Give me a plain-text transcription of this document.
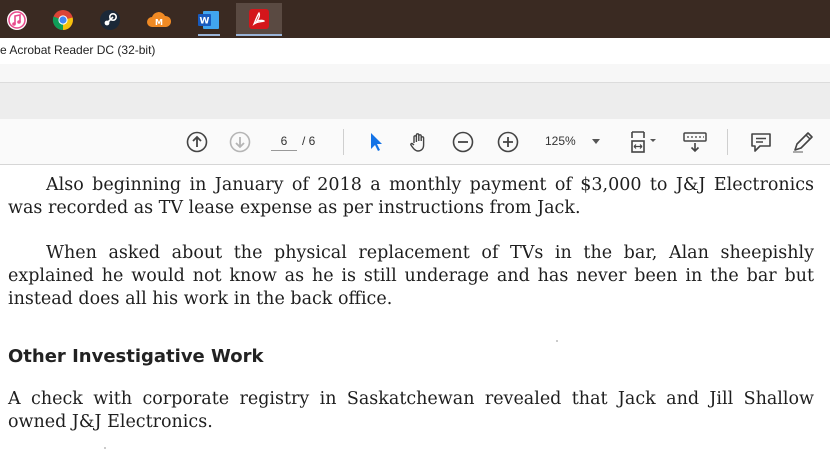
M	W
e Acrobat Reader DC (32-bit)
6	/ 6	125%
Also beginning in January of 2018 a monthly payment of $3,000 to J&J Electronics was recorded as TV lease expense as per instructions from Jack.
When asked about the physical replacement of TVs in the bar, Alan sheepishly explained he would not know as he is still underage and has never been in the bar but instead does all his work in the back office.
Other Investigative Work
A check with corporate registry in Saskatchewan revealed that Jack and Jill Shallow owned J&J Electronics.
